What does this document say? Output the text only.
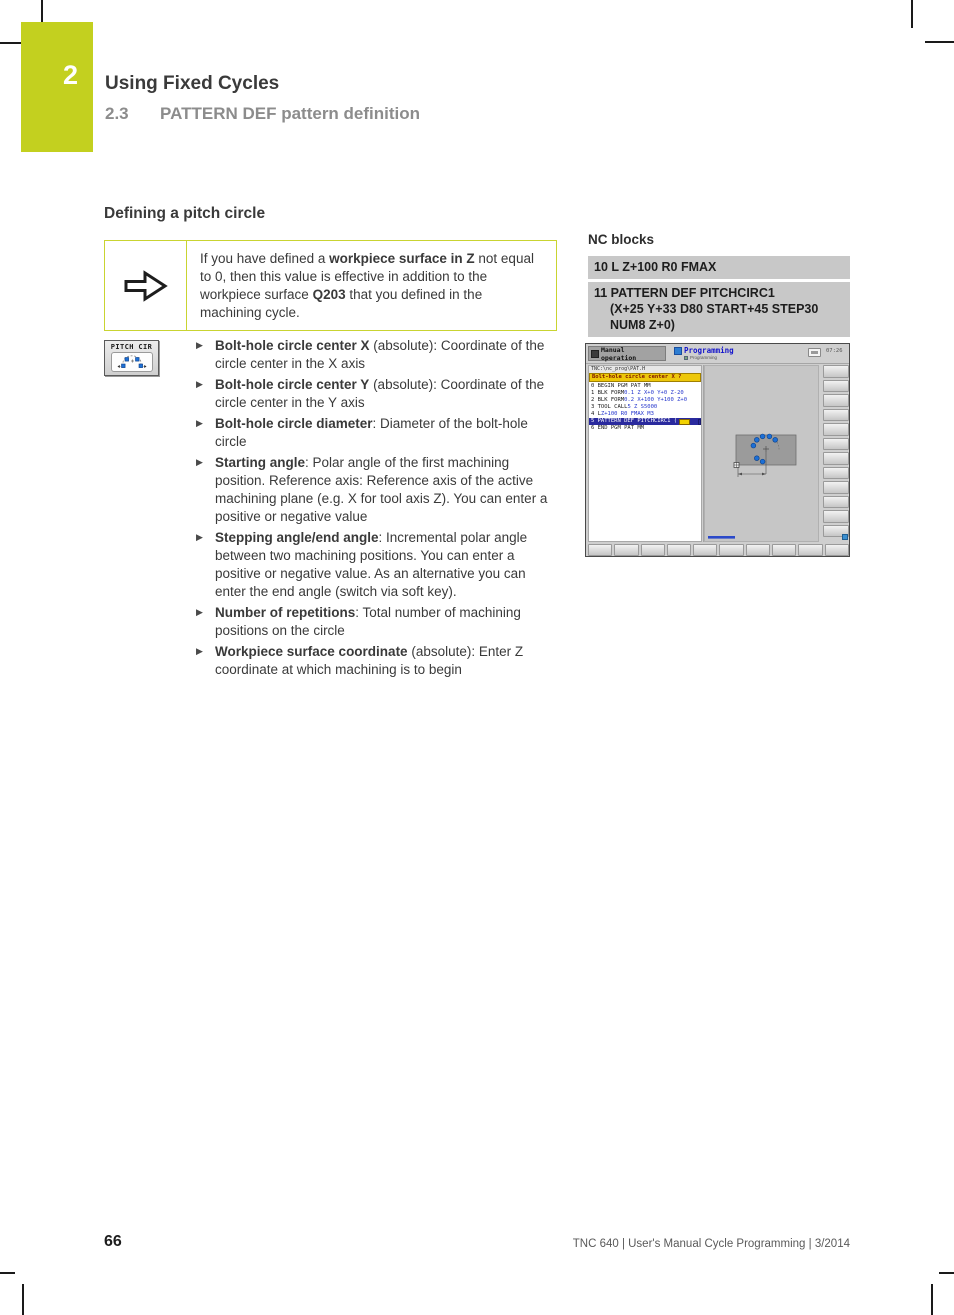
2 Using Fixed Cycles
2.3	PATTERN DEF pattern definition
Defining a pitch circle
If you have defined a workpiece surface in Z not equal to 0, then this value is effective in addition to the workpiece surface Q203 that you defined in the machining cycle.
PITCH CIR	▶ Bolt-hole circle center X (absolute): Coordinate of the circle center in the X axis
▶ Bolt-hole circle center Y (absolute): Coordinate of the circle center in the Y axis
▶ Bolt-hole circle diameter: Diameter of the bolt-hole circle
▶ Starting angle: Polar angle of the first machining position. Reference axis: Reference axis of the active machining plane (e.g. X for tool axis Z). You can enter a positive or negative value
▶ Stepping angle/end angle: Incremental polar angle between two machining positions. You can enter a positive or negative value. As an alternative you can enter the end angle (switch via soft key).
▶ Number of repetitions: Total number of machining positions on the circle
▶ Workpiece surface coordinate (absolute): Enter Z coordinate at which machining is to begin
NC blocks
10 L Z+100 R0 FMAX
11 PATTERN DEF PITCHCIRC1
(X+25 Y+33 D80 START+45 STEP30
NUM8 Z+0)
Manual operation
Programming
Programming
07:26
TNC:\nc_prog\PAT.H
Bolt-hole circle center X ?
0 BEGIN PGM PAT MM
1 BLK FORM 0.1 Z X+0 Y+0 Z-20
2 BLK FORM 0.2 X+100 Y+100 Z+0
3 TOOL CALL 5 Z S5000
4 L Z+100 R0 FMAX M3
5 PATTERN DEF PITCHCIRC1 (
6 END PGM PAT MM
66	TNC 640 | User's Manual Cycle Programming | 3/2014
